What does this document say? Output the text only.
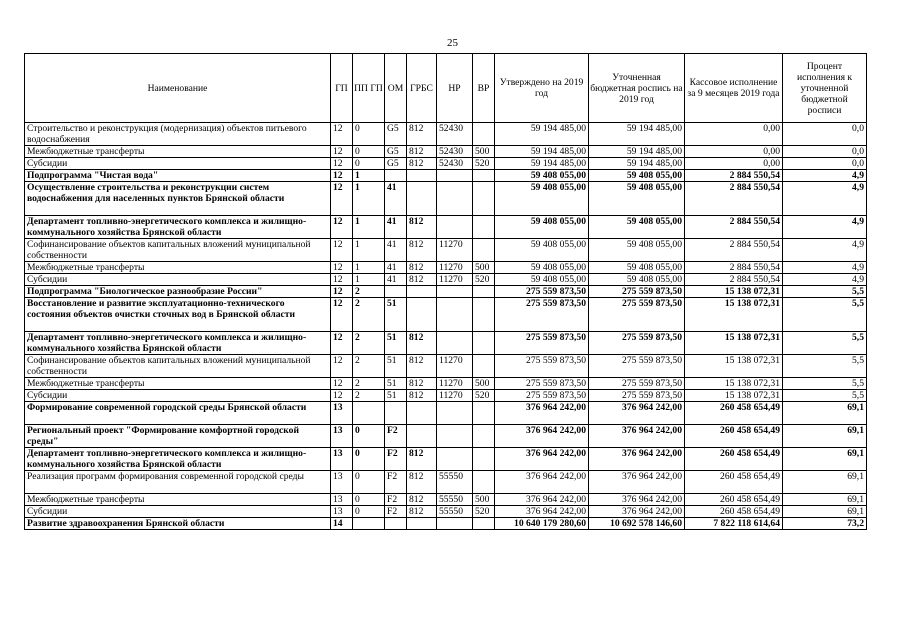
25
Наименование	ГП	ПП ГП	ОМ	ГРБС	НР	ВР	Утверждено на 2019 год	Уточненная бюджетная роспись на 2019 год	Кассовое исполнение за 9 месяцев 2019 года	Процент исполнения к уточненной бюджетной росписи
Строительство и реконструкция (модернизация) объектов питьевого водоснабжения	12	0	G5	812	52430		59 194 485,00	59 194 485,00	0,00	0,0
Межбюджетные трансферты	12	0	G5	812	52430	500	59 194 485,00	59 194 485,00	0,00	0,0
Субсидии	12	0	G5	812	52430	520	59 194 485,00	59 194 485,00	0,00	0,0
Подпрограмма "Чистая вода"	12	1					59 408 055,00	59 408 055,00	2 884 550,54	4,9
Осуществление строительства и реконструкции систем водоснабжения для населенных пунктов Брянской области	12	1	41				59 408 055,00	59 408 055,00	2 884 550,54	4,9
Департамент топливно-энергетического комплекса и жилищно-коммунального хозяйства Брянской области	12	1	41	812			59 408 055,00	59 408 055,00	2 884 550,54	4,9
Софинансирование объектов капитальных вложений муниципальной собственности	12	1	41	812	11270		59 408 055,00	59 408 055,00	2 884 550,54	4,9
Межбюджетные трансферты	12	1	41	812	11270	500	59 408 055,00	59 408 055,00	2 884 550,54	4,9
Субсидии	12	1	41	812	11270	520	59 408 055,00	59 408 055,00	2 884 550,54	4,9
Подпрограмма "Биологическое разнообразие России"	12	2					275 559 873,50	275 559 873,50	15 138 072,31	5,5
Восстановление и развитие эксплуатационно-технического состояния объектов очистки сточных вод в Брянской области	12	2	51				275 559 873,50	275 559 873,50	15 138 072,31	5,5
Департамент топливно-энергетического комплекса и жилищно-коммунального хозяйства Брянской области	12	2	51	812			275 559 873,50	275 559 873,50	15 138 072,31	5,5
Софинансирование объектов капитальных вложений муниципальной собственности	12	2	51	812	11270		275 559 873,50	275 559 873,50	15 138 072,31	5,5
Межбюджетные трансферты	12	2	51	812	11270	500	275 559 873,50	275 559 873,50	15 138 072,31	5,5
Субсидии	12	2	51	812	11270	520	275 559 873,50	275 559 873,50	15 138 072,31	5,5
Формирование современной городской среды Брянской области	13						376 964 242,00	376 964 242,00	260 458 654,49	69,1
Региональный проект "Формирование комфортной городской среды"	13	0	F2				376 964 242,00	376 964 242,00	260 458 654,49	69,1
Департамент топливно-энергетического комплекса и жилищно-коммунального хозяйства Брянской области	13	0	F2	812			376 964 242,00	376 964 242,00	260 458 654,49	69,1
Реализация программ формирования современной городской среды	13	0	F2	812	55550		376 964 242,00	376 964 242,00	260 458 654,49	69,1
Межбюджетные трансферты	13	0	F2	812	55550	500	376 964 242,00	376 964 242,00	260 458 654,49	69,1
Субсидии	13	0	F2	812	55550	520	376 964 242,00	376 964 242,00	260 458 654,49	69,1
Развитие здравоохранения Брянской области	14						10 640 179 280,60	10 692 578 146,60	7 822 118 614,64	73,2
